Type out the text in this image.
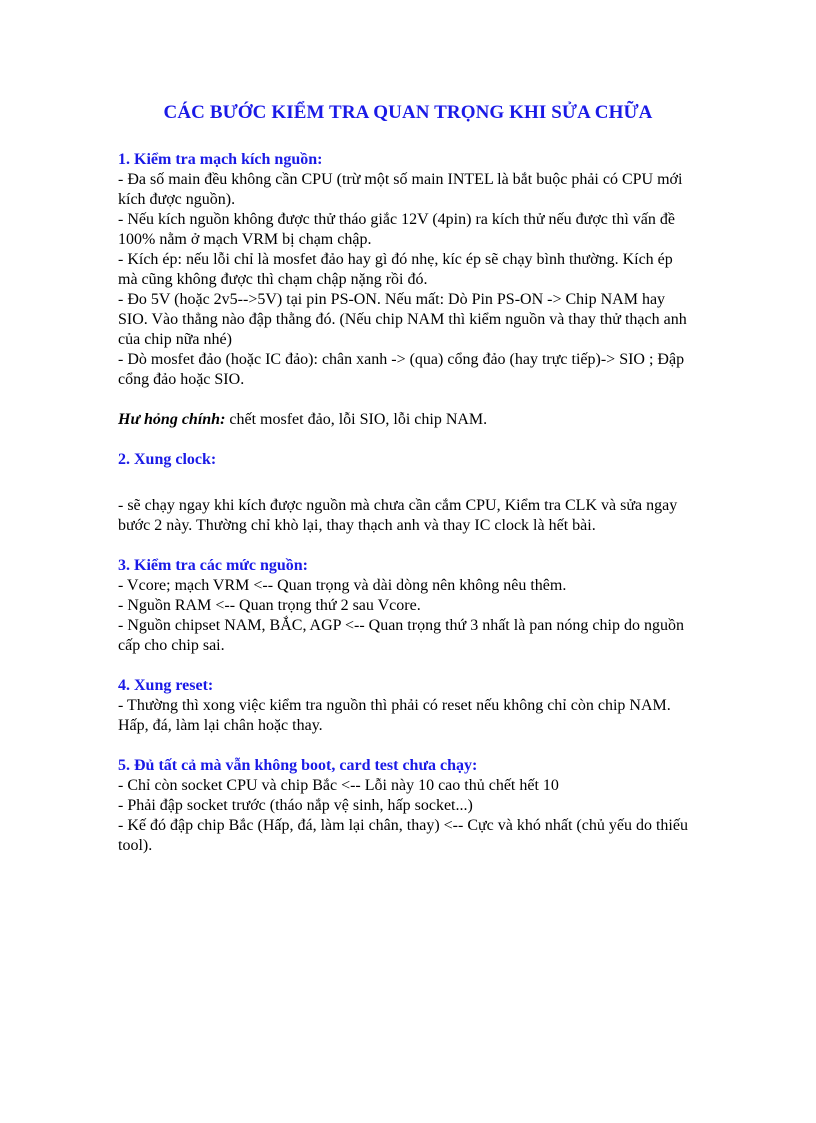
CÁC BƯỚC KIỂM TRA QUAN TRỌNG KHI SỬA CHỮA
1. Kiểm tra mạch kích nguồn:
- Đa số main đều không cần CPU (trừ một số main INTEL là bắt buộc phải có CPU mới
kích được nguồn).
- Nếu kích nguồn không được thử tháo giắc 12V (4pin) ra kích thử nếu được thì vấn đề
100% nằm ở mạch VRM bị chạm chập.
- Kích ép: nếu lỗi chỉ là mosfet đảo hay gì đó nhẹ, kíc ép sẽ chạy bình thường. Kích ép
mà cũng không được thì chạm chập nặng rồi đó.
- Đo 5V (hoặc 2v5-->5V) tại pin PS-ON. Nếu mất: Dò Pin PS-ON -> Chip NAM hay
SIO. Vào thẳng nào đập thằng đó. (Nếu chip NAM thì kiểm nguồn và thay thử thạch anh
của chip nữa nhé)
- Dò mosfet đảo (hoặc IC đảo): chân xanh -> (qua) cổng đảo (hay trực tiếp)-> SIO ; Đập
cổng đảo hoặc SIO.
Hư hỏng chính: chết mosfet đảo, lỗi SIO, lỗi chip NAM.
2. Xung clock:
- sẽ chạy ngay khi kích được nguồn mà chưa cần cắm CPU, Kiểm tra CLK và sửa ngay
bước 2 này. Thường chỉ khò lại, thay thạch anh và thay IC clock là hết bài.
3. Kiểm tra các mức nguồn:
- Vcore; mạch VRM <-- Quan trọng và dài dòng nên không nêu thêm.
- Nguồn RAM <-- Quan trọng thứ 2 sau Vcore.
- Nguồn chipset NAM, BẮC, AGP <-- Quan trọng thứ 3 nhất là pan nóng chip do nguồn
cấp cho chip sai.
4. Xung reset:
- Thường thì xong việc kiểm tra nguồn thì phải có reset nếu không chỉ còn chip NAM.
Hấp, đá, làm lại chân hoặc thay.
5. Đủ tất cả mà vẫn không boot, card test chưa chạy:
- Chỉ còn socket CPU và chip Bắc <-- Lỗi này 10 cao thủ chết hết 10
- Phải đập socket trước (tháo nắp vệ sinh, hấp socket...)
- Kế đó đập chip Bắc (Hấp, đá, làm lại chân, thay) <-- Cực và khó nhất (chủ yếu do thiếu
tool).
